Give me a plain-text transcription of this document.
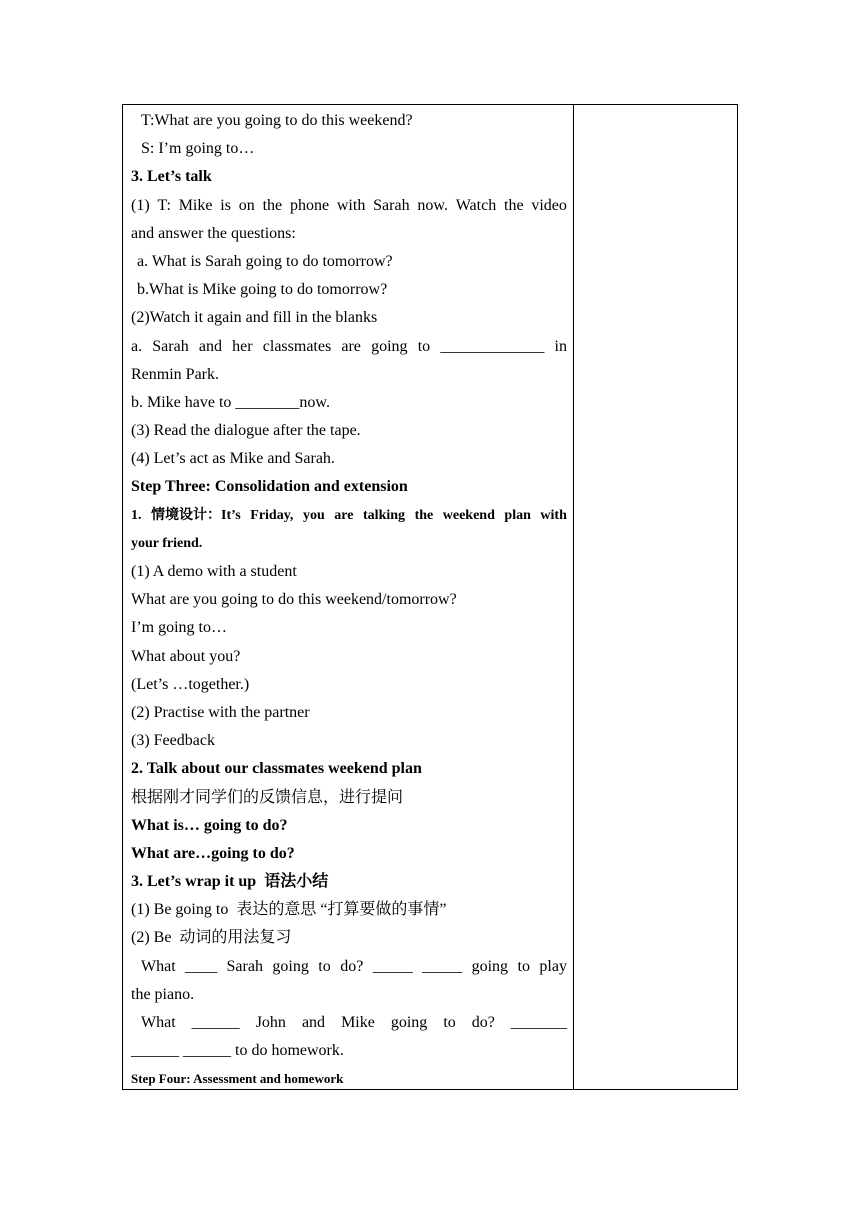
T:What are you going to do this weekend?
S: I’m going to…
3. Let’s talk
(1) T: Mike is on the phone with Sarah now. Watch the video
and answer the questions:
a. What is Sarah going to do tomorrow?
b.What is Mike going to do tomorrow?
(2)Watch it again and fill in the blanks
a. Sarah and her classmates are going to _____________ in
Renmin Park.
b. Mike have to ________now.
(3) Read the dialogue after the tape.
(4) Let’s act as Mike and Sarah.
Step Three: Consolidation and extension
1. 情境设计：It’s Friday, you are talking the weekend plan with
your friend.
(1) A demo with a student
What are you going to do this weekend/tomorrow?
I’m going to…
What about you?
(Let’s …together.)
(2) Practise with the partner
(3) Feedback
2. Talk about our classmates weekend plan
根据刚才同学们的反馈信息，进行提问
What is… going to do?
What are…going to do?
3. Let’s wrap it up  语法小结
(1) Be going to  表达的意思 “打算要做的事情”
(2) Be  动词的用法复习
What ____ Sarah going to do? _____ _____ going to play
the piano.
What ______ John and Mike going to do? _______
______ ______ to do homework.
Step Four: Assessment and homework
